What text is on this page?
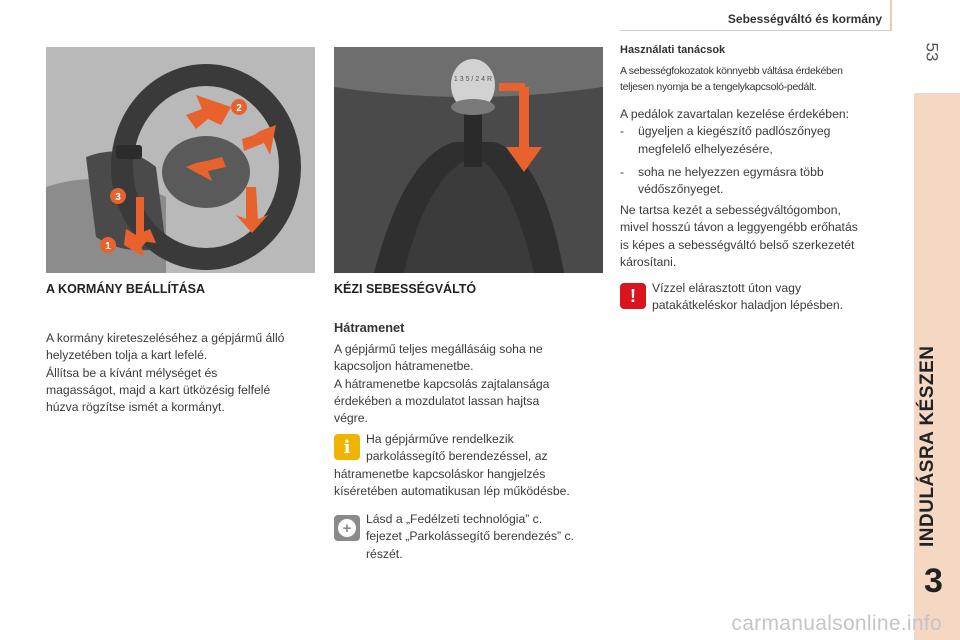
Sebességváltó és kormány
53
INDULÁSRA KÉSZEN
3
2
3
1
1 3 5 / 2 4 R
A KORMÁNY BEÁLLÍTÁSA
A kormány kireteszeléséhez a gépjármű álló
helyzetében tolja a kart lefelé.
Állítsa be a kívánt mélységet és
magasságot, majd a kart ütközésig felfelé
húzva rögzítse ismét a kormányt.
KÉZI SEBESSÉGVÁLTÓ
Hátramenet
A gépjármű teljes megállásáig soha ne
kapcsoljon hátramenetbe.
A hátramenetbe kapcsolás zajtalansága
érdekében a mozdulatot lassan hajtsa
végre.
i	Ha gépjárművе rendelkezik
parkolássegítő berendezéssel, az
hátramenetbe kapcsoláskor hangjelzés
kíséretében automatikusan lép működésbe.
+
Lásd a „Fedélzeti technológia” c.
fejezet „Parkolássegítő berendezés” c.
részét.
Használati tanácsok
A sebességfokozatok könnyebb váltása érdekében
teljesen nyomja be a tengelykapcsoló-pedált.
A pedálok zavartalan kezelése érdekében:
-	ügyeljen a kiegészítő padlószőnyeg
megfelelő elhelyezésére,
-	soha ne helyezzen egymásra több
védőszőnyeget.
Ne tartsa kezét a sebességváltógombon,
mivel hosszú távon a leggyengébb erőhatás
is képes a sebességváltó belső szerkezetét
károsítani.
! Vízzel elárasztott úton vagy
patakátkeléskor haladjon lépésben.
carmanualsonline.info
